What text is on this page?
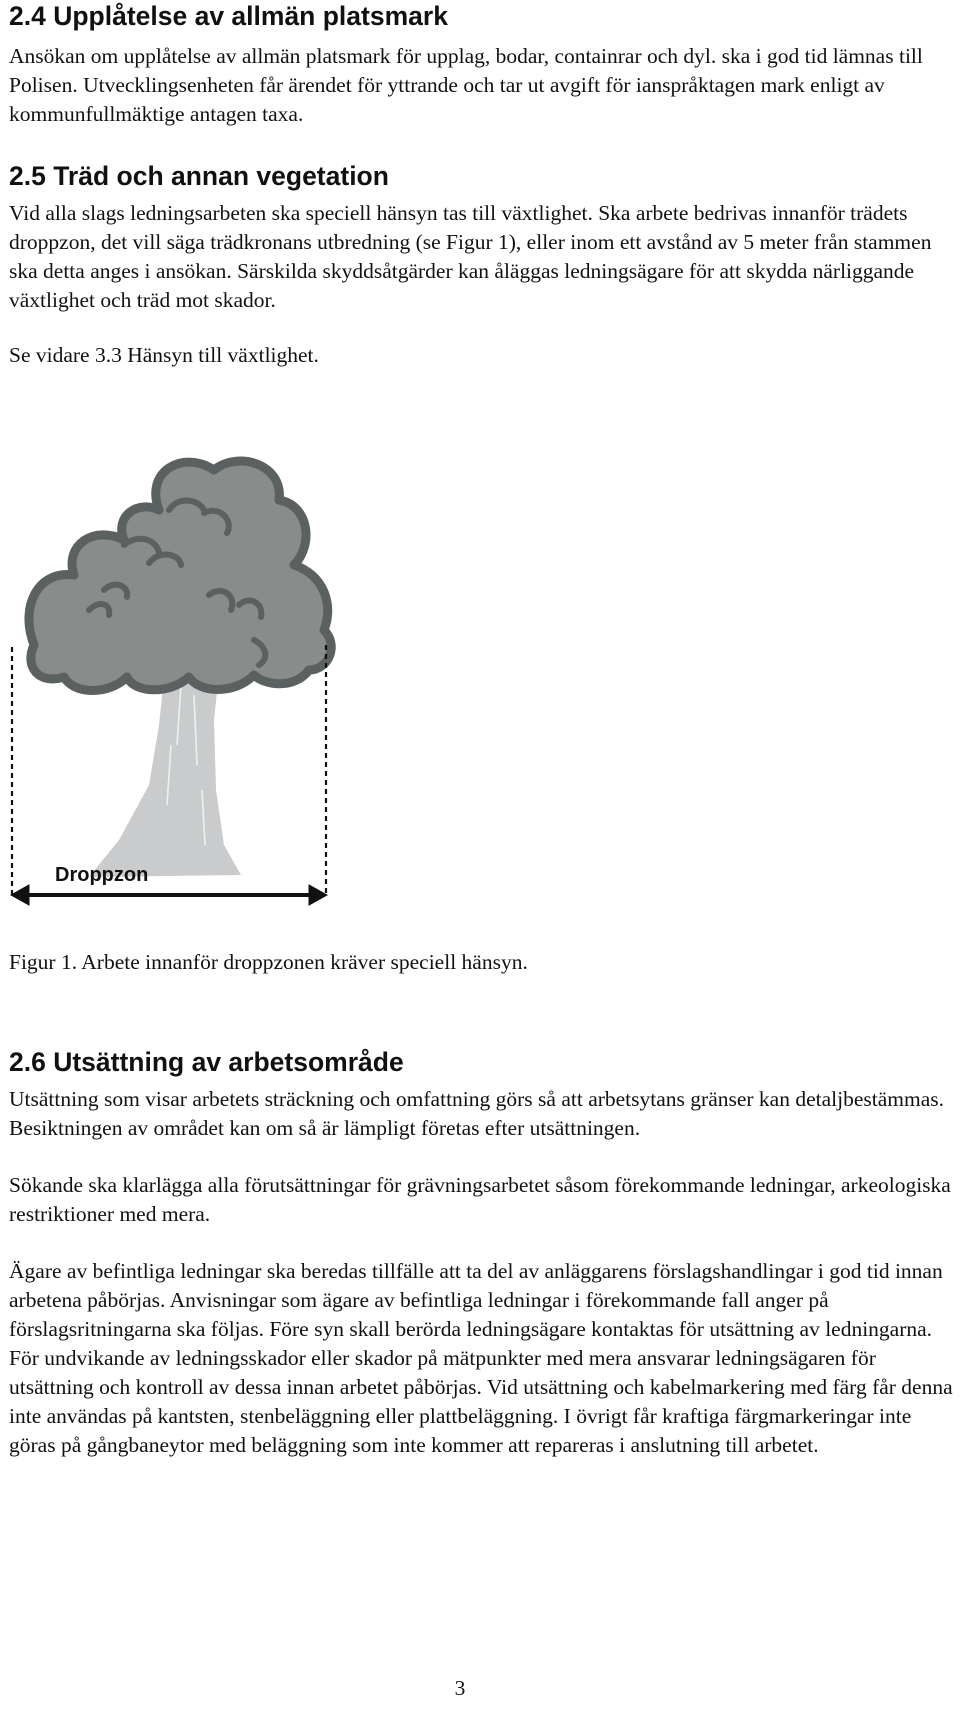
2.4 Upplåtelse av allmän platsmark

Ansökan om upplåtelse av allmän platsmark för upplag, bodar, containrar och dyl. ska i god tid lämnas till Polisen. Utvecklingsenheten får ärendet för yttrande och tar ut avgift för ianspråktagen mark enligt av kommunfullmäktige antagen taxa.

2.5 Träd och annan vegetation

Vid alla slags ledningsarbeten ska speciell hänsyn tas till växtlighet. Ska arbete bedrivas innanför trädets droppzon, det vill säga trädkronans utbredning (se Figur 1), eller inom ett avstånd av 5 meter från stammen ska detta anges i ansökan. Särskilda skyddsåtgärder kan åläggas ledningsägare för att skydda närliggande växtlighet och träd mot skador.

Se vidare 3.3 Hänsyn till växtlighet.

Droppzon

Figur 1. Arbete innanför droppzonen kräver speciell hänsyn.

2.6 Utsättning av arbetsområde

Utsättning som visar arbetets sträckning och omfattning görs så att arbetsytans gränser kan detaljbestämmas. Besiktningen av området kan om så är lämpligt företas efter utsättningen.

Sökande ska klarlägga alla förutsättningar för grävningsarbetet såsom förekommande ledningar, arkeologiska restriktioner med mera.

Ägare av befintliga ledningar ska beredas tillfälle att ta del av anläggarens förslagshandlingar i god tid innan arbetena påbörjas. Anvisningar som ägare av befintliga ledningar i förekommande fall anger på förslagsritningarna ska följas. Före syn skall berörda ledningsägare kontaktas för utsättning av ledningarna. För undvikande av ledningsskador eller skador på mätpunkter med mera ansvarar ledningsägaren för utsättning och kontroll av dessa innan arbetet påbörjas. Vid utsättning och kabelmarkering med färg får denna inte användas på kantsten, stenbeläggning eller plattbeläggning. I övrigt får kraftiga färgmarkeringar inte göras på gångbaneytor med beläggning som inte kommer att repareras i anslutning till arbetet.

3
